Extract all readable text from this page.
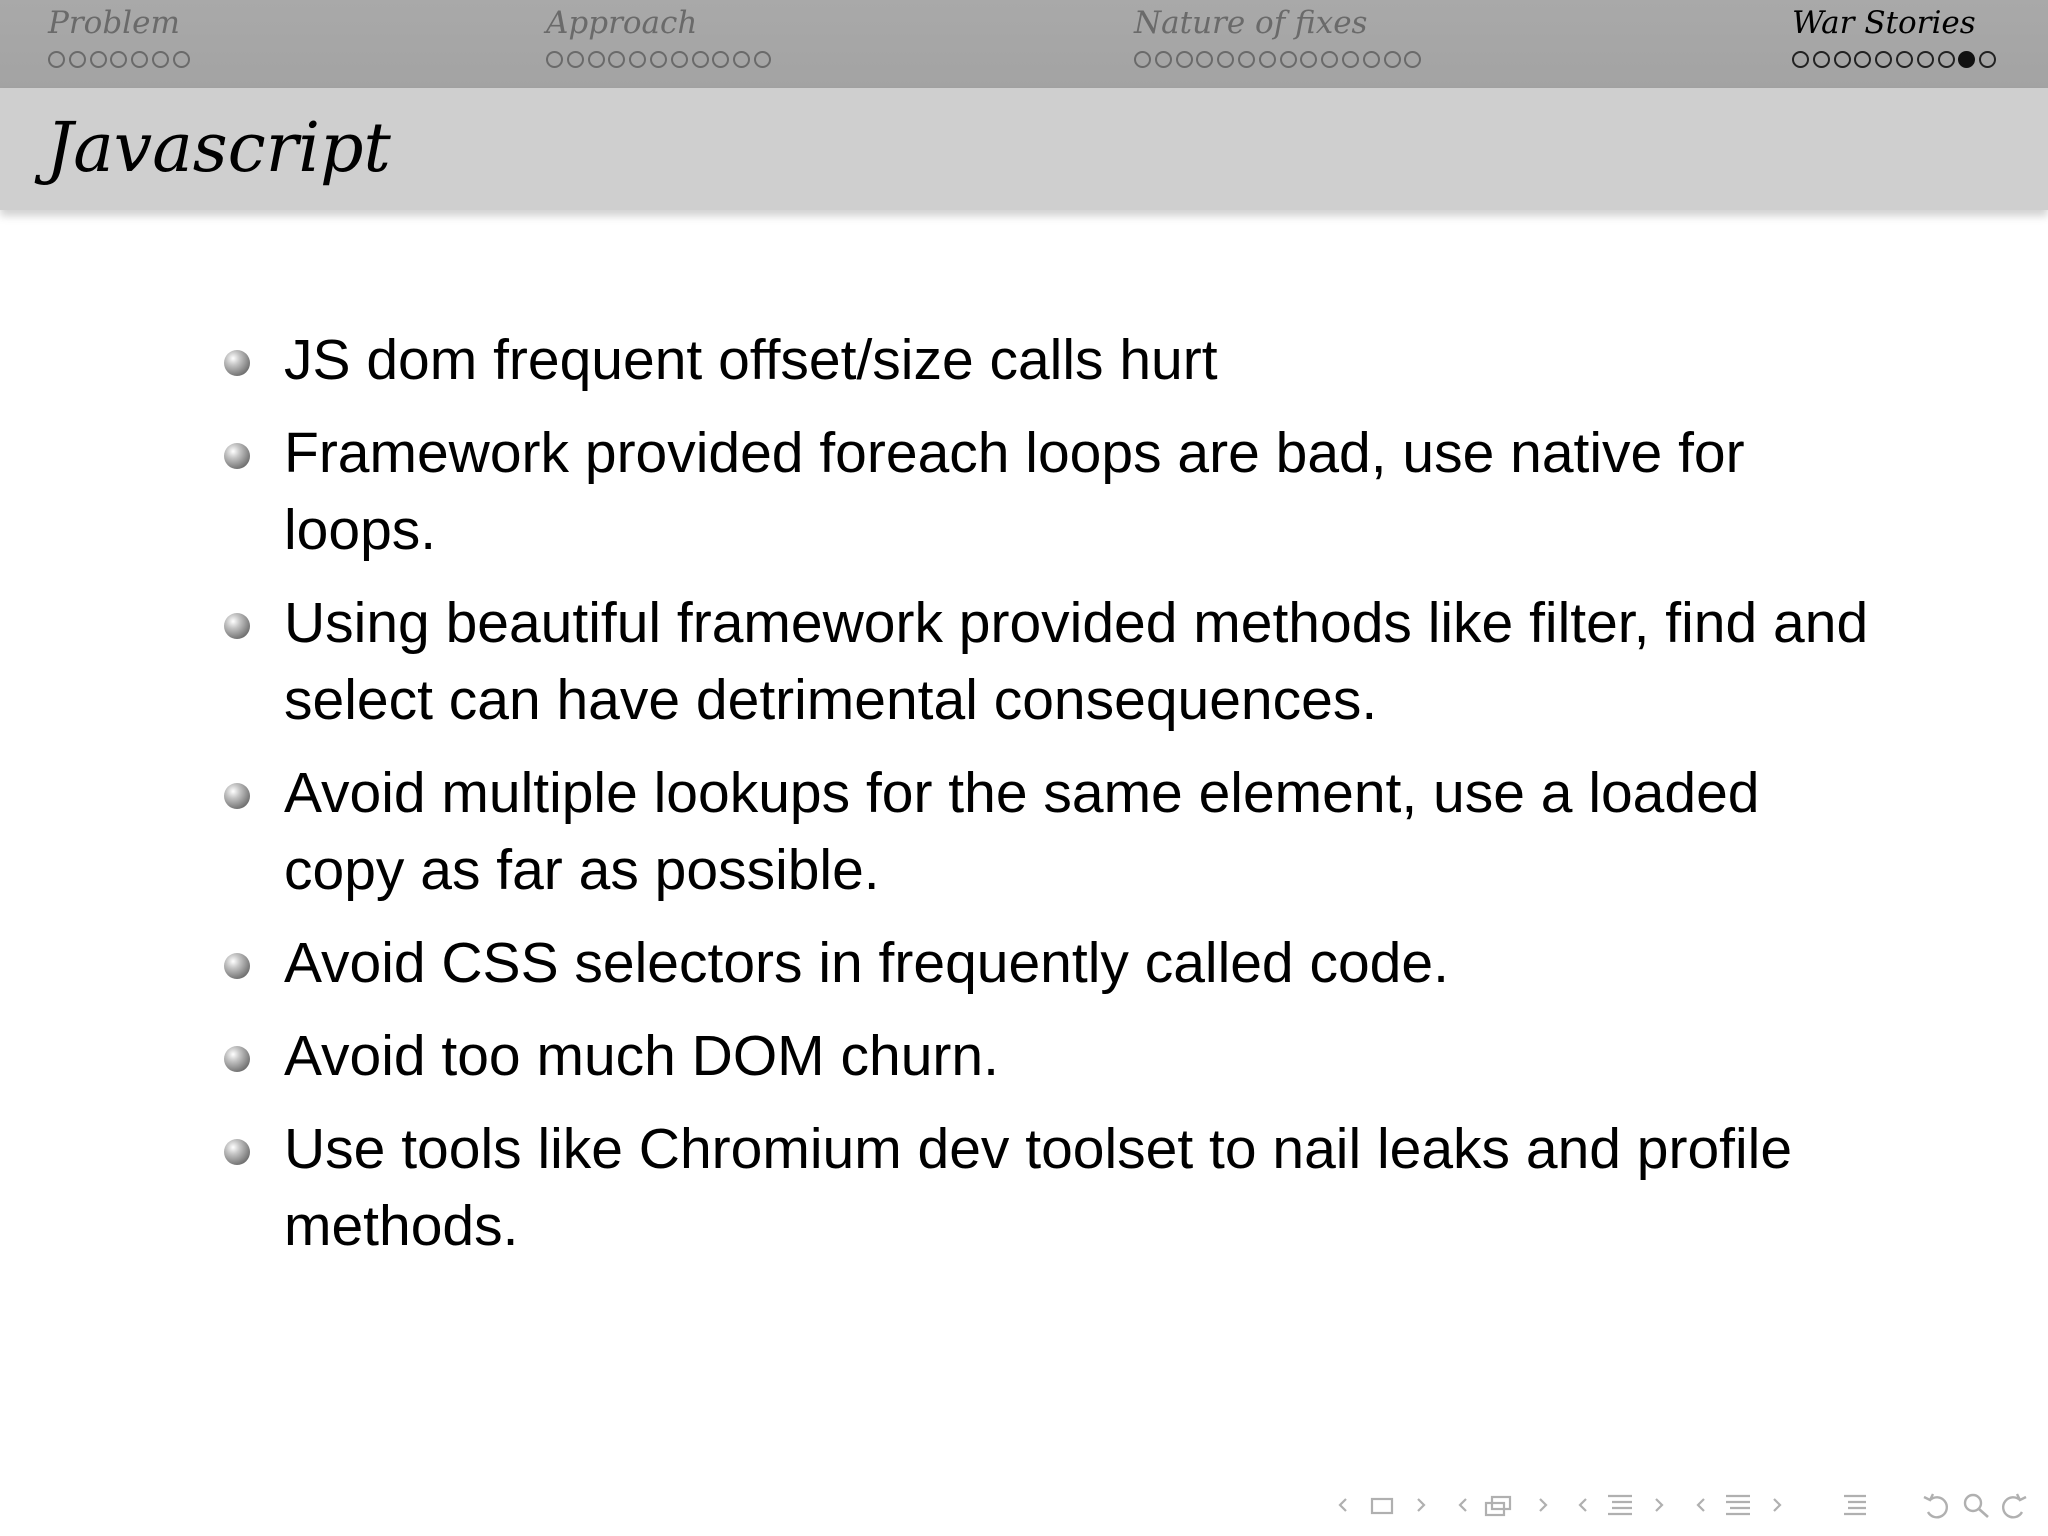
Problem	Approach	Nature of fixes	War Stories
Javascript
JS dom frequent offset/size calls hurt
Framework provided foreach loops are bad, use native for loops.
Using beautiful framework provided methods like filter, find and select can have detrimental consequences.
Avoid multiple lookups for the same element, use a loaded copy as far as possible.
Avoid CSS selectors in frequently called code.
Avoid too much DOM churn.
Use tools like Chromium dev toolset to nail leaks and profile methods.
